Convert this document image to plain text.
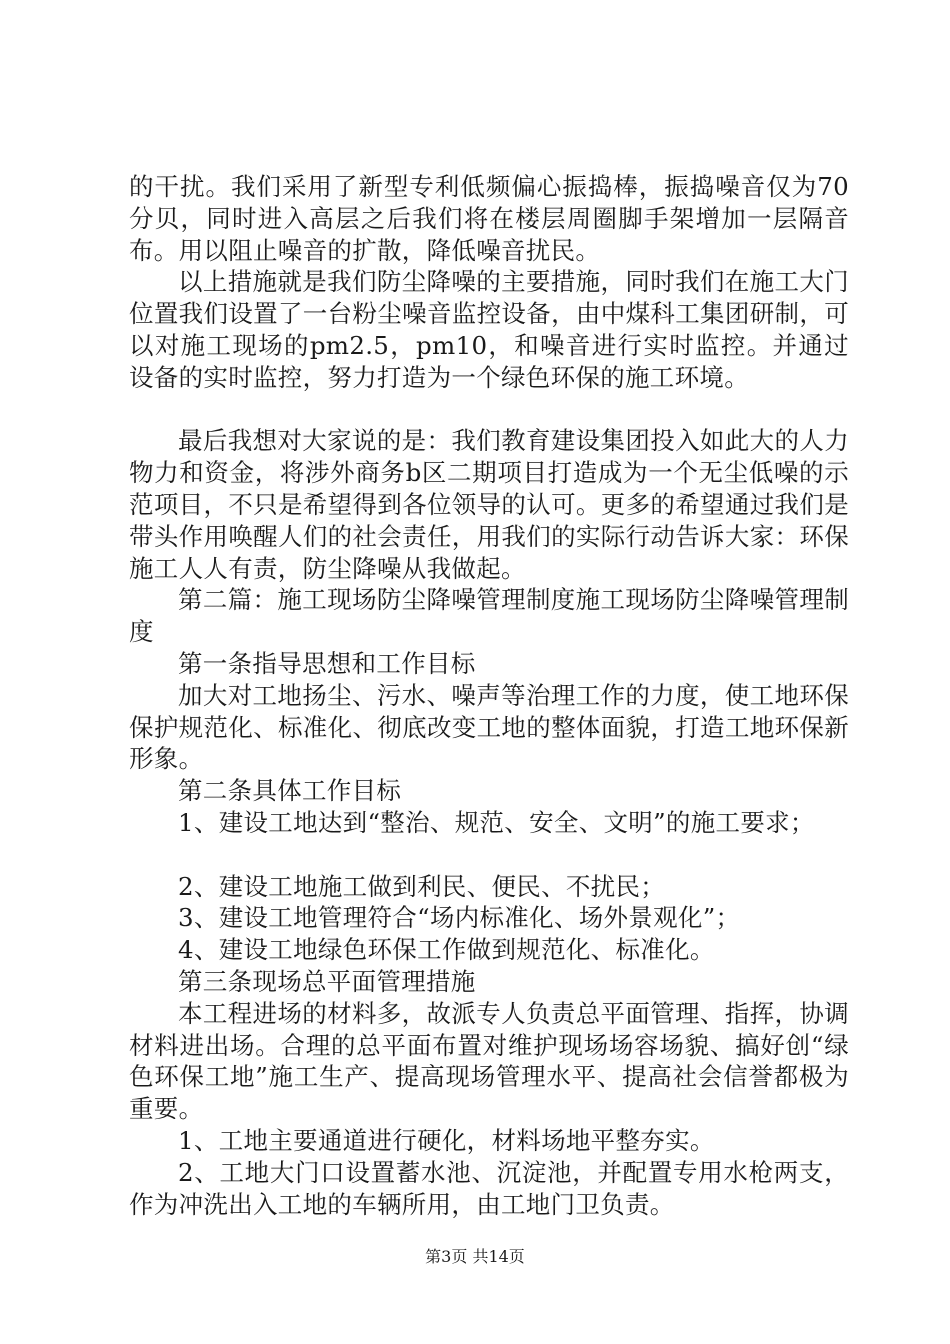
的干扰。我们采用了新型专利低频偏心振捣棒，振捣噪音仅为70分贝，同时进入高层之后我们将在楼层周圈脚手架增加一层隔音布。用以阻止噪音的扩散，降低噪音扰民。

以上措施就是我们防尘降噪的主要措施，同时我们在施工大门位置我们设置了一台粉尘噪音监控设备，由中煤科工集团研制，可以对施工现场的pm2.5，pm10，和噪音进行实时监控。并通过设备的实时监控，努力打造为一个绿色环保的施工环境。

最后我想对大家说的是：我们教育建设集团投入如此大的人力物力和资金，将涉外商务b区二期项目打造成为一个无尘低噪的示范项目，不只是希望得到各位领导的认可。更多的希望通过我们是带头作用唤醒人们的社会责任，用我们的实际行动告诉大家：环保施工人人有责，防尘降噪从我做起。

第二篇：施工现场防尘降噪管理制度施工现场防尘降噪管理制度

第一条指导思想和工作目标

加大对工地扬尘、污水、噪声等治理工作的力度，使工地环保保护规范化、标准化、彻底改变工地的整体面貌，打造工地环保新形象。

第二条具体工作目标

1、建设工地达到“整治、规范、安全、文明”的施工要求；

2、建设工地施工做到利民、便民、不扰民；

3、建设工地管理符合“场内标准化、场外景观化”；

4、建设工地绿色环保工作做到规范化、标准化。

第三条现场总平面管理措施

本工程进场的材料多，故派专人负责总平面管理、指挥，协调材料进出场。合理的总平面布置对维护现场场容场貌、搞好创“绿色环保工地”施工生产、提高现场管理水平、提高社会信誉都极为重要。

1、工地主要通道进行硬化，材料场地平整夯实。

2、工地大门口设置蓄水池、沉淀池，并配置专用水枪两支，作为冲洗出入工地的车辆所用，由工地门卫负责。

第3页 共14页
